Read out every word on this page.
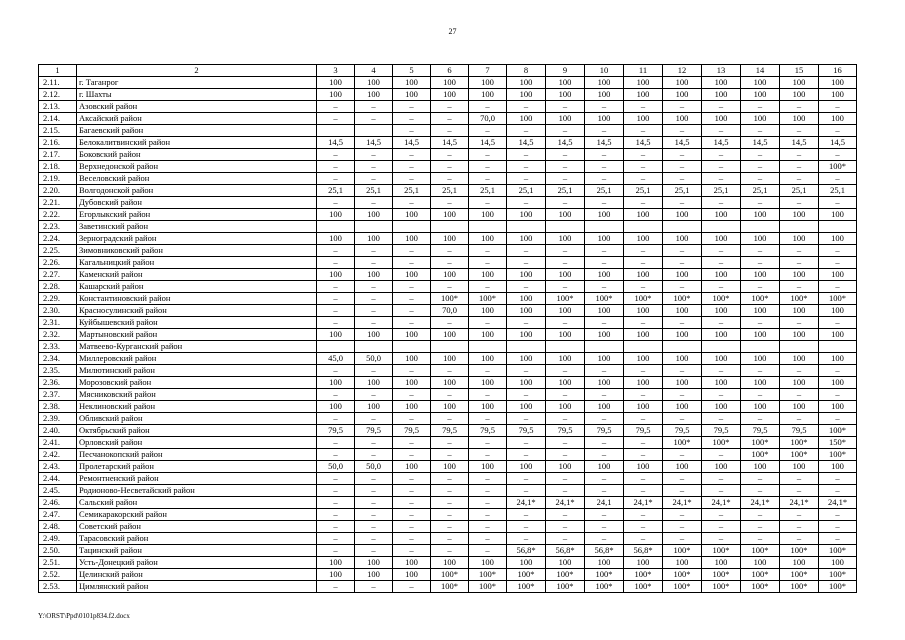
27
1	2	3	4	5	6	7	8	9	10	11	12	13	14	15	16
2.11.	г. Таганрог	100	100	100	100	100	100	100	100	100	100	100	100	100	100
2.12.	г. Шахты	100	100	100	100	100	100	100	100	100	100	100	100	100	100
2.13.	Азовский район	–	–	–	–	–	–	–	–	–	–	–	–	–	–
2.14.	Аксайский район	–	–	–	–	70,0	100	100	100	100	100	100	100	100	100
2.15.	Багаевский район			–	–	–	–	–	–	–	–	–	–	–	–
2.16.	Белокалитвинский район	14,5	14,5	14,5	14,5	14,5	14,5	14,5	14,5	14,5	14,5	14,5	14,5	14,5	14,5
2.17.	Боковский район	–	–	–	–	–	–	–	–	–	–	–	–	–	–
2.18.	Верхнедонской район	–	–	–	–	–	–	–	–	–	–	–	–	–	100*
2.19.	Веселовский район	–	–	–	–	–	–	–	–	–	–	–	–	–	–
2.20.	Волгодонской район	25,1	25,1	25,1	25,1	25,1	25,1	25,1	25,1	25,1	25,1	25,1	25,1	25,1	25,1
2.21.	Дубовский район	–	–	–	–	–	–	–	–	–	–	–	–	–	–
2.22.	Егорлыкский район	100	100	100	100	100	100	100	100	100	100	100	100	100	100
2.23.	Заветинский район														
2.24.	Зерноградский район	100	100	100	100	100	100	100	100	100	100	100	100	100	100
2.25.	Зимовниковский район	–	–	–	–	–	–	–	–	–	–	–	–	–	–
2.26.	Кагальницкий район	–	–	–	–	–	–	–	–	–	–	–	–	–	–
2.27.	Каменский район	100	100	100	100	100	100	100	100	100	100	100	100	100	100
2.28.	Кашарский район	–	–	–	–	–	–	–	–	–	–	–	–	–	–
2.29.	Константиновский район	–	–	–	100*	100*	100	100*	100*	100*	100*	100*	100*	100*	100*
2.30.	Красносулинский район	–	–	–	70,0	100	100	100	100	100	100	100	100	100	100
2.31.	Куйбышевский район	–	–	–	–	–	–	–	–	–	–	–	–	–	–
2.32.	Мартыновский район	100	100	100	100	100	100	100	100	100	100	100	100	100	100
2.33.	Матвеево-Курганский район														
2.34.	Миллеровский район	45,0	50,0	100	100	100	100	100	100	100	100	100	100	100	100
2.35.	Милютинский район	–	–	–	–	–	–	–	–	–	–	–	–	–	–
2.36.	Морозовский район	100	100	100	100	100	100	100	100	100	100	100	100	100	100
2.37.	Мясниковский район	–	–	–	–	–	–	–	–	–	–	–	–	–	–
2.38.	Неклиновский район	100	100	100	100	100	100	100	100	100	100	100	100	100	100
2.39.	Обливский район	–	–	–	–	–	–	–	–	–	–	–	–	–	–
2.40.	Октябрьский район	79,5	79,5	79,5	79,5	79,5	79,5	79,5	79,5	79,5	79,5	79,5	79,5	79,5	100*
2.41.	Орловский район	–	–	–	–	–	–	–	–	–	100*	100*	100*	100*	150*
2.42.	Песчанокопский район	–	–	–	–	–	–	–	–	–	–	–	100*	100*	100*
2.43.	Пролетарский район	50,0	50,0	100	100	100	100	100	100	100	100	100	100	100	100
2.44.	Ремонтненский район	–	–	–	–	–	–	–	–	–	–	–	–	–	–
2.45.	Родионово-Несветайский район	–	–	–	–	–	–	–	–	–	–	–	–	–	–
2.46.	Сальский район	–	–	–	–	–	24,1*	24,1*	24,1	24,1*	24,1*	24,1*	24,1*	24,1*	24,1*
2.47.	Семикаракорский район	–	–	–	–	–	–	–	–	–	–	–	–	–	–
2.48.	Советский район	–	–	–	–	–	–	–	–	–	–	–	–	–	–
2.49.	Тарасовский район	–	–	–	–	–	–	–	–	–	–	–	–	–	–
2.50.	Тацинский район	–	–	–	–	–	56,8*	56,8*	56,8*	56,8*	100*	100*	100*	100*	100*
2.51.	Усть-Донецкий район	100	100	100	100	100	100	100	100	100	100	100	100	100	100
2.52.	Целинский район	100	100	100	100*	100*	100*	100*	100*	100*	100*	100*	100*	100*	100*
2.53.	Цимлянский район	–	–	–	100*	100*	100*	100*	100*	100*	100*	100*	100*	100*	100*
Y:\ORST\Ppd\0101p834.f2.docx
